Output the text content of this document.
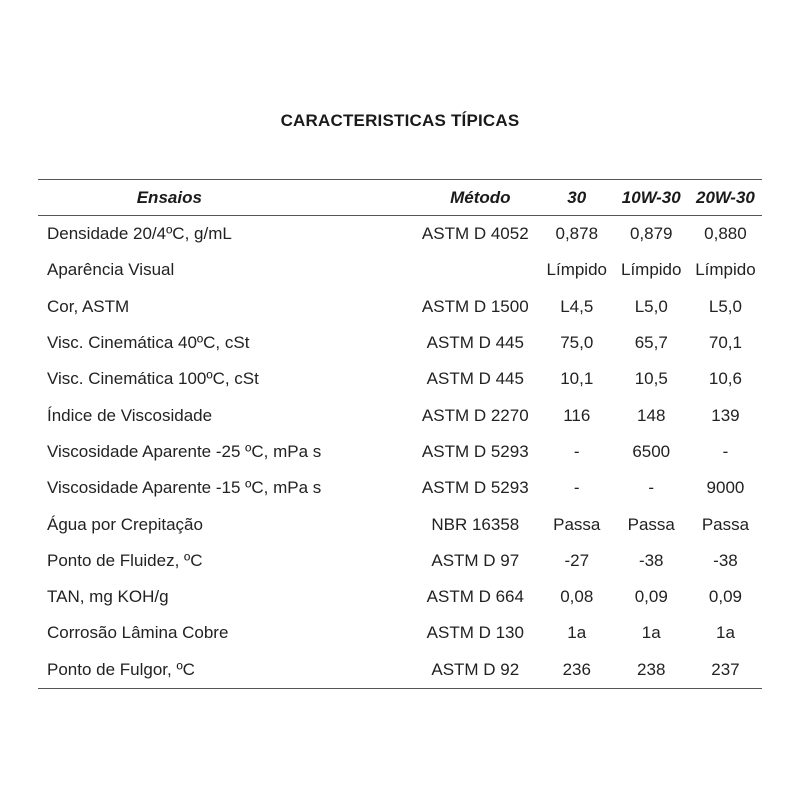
CARACTERISTICAS TÍPICAS
Ensaios	Método	30	10W-30	20W-30
Densidade 20/4ºC, g/mL	ASTM D 4052	0,878	0,879	0,880
Aparência Visual		Límpido	Límpido	Límpido
Cor, ASTM	ASTM D 1500	L4,5	L5,0	L5,0
Visc. Cinemática 40ºC, cSt	ASTM D 445	75,0	65,7	70,1
Visc. Cinemática 100ºC, cSt	ASTM D 445	10,1	10,5	10,6
Índice de Viscosidade	ASTM D 2270	116	148	139
Viscosidade Aparente -25 ºC, mPa s	ASTM D 5293	-	6500	-
Viscosidade Aparente -15 ºC, mPa s	ASTM D 5293	-	-	9000
Água por Crepitação	NBR 16358	Passa	Passa	Passa
Ponto de Fluidez, ºC	ASTM D 97	-27	-38	-38
TAN, mg KOH/g	ASTM D 664	0,08	0,09	0,09
Corrosão Lâmina Cobre	ASTM D 130	1a	1a	1a
Ponto de Fulgor, ºC	ASTM D 92	236	238	237
